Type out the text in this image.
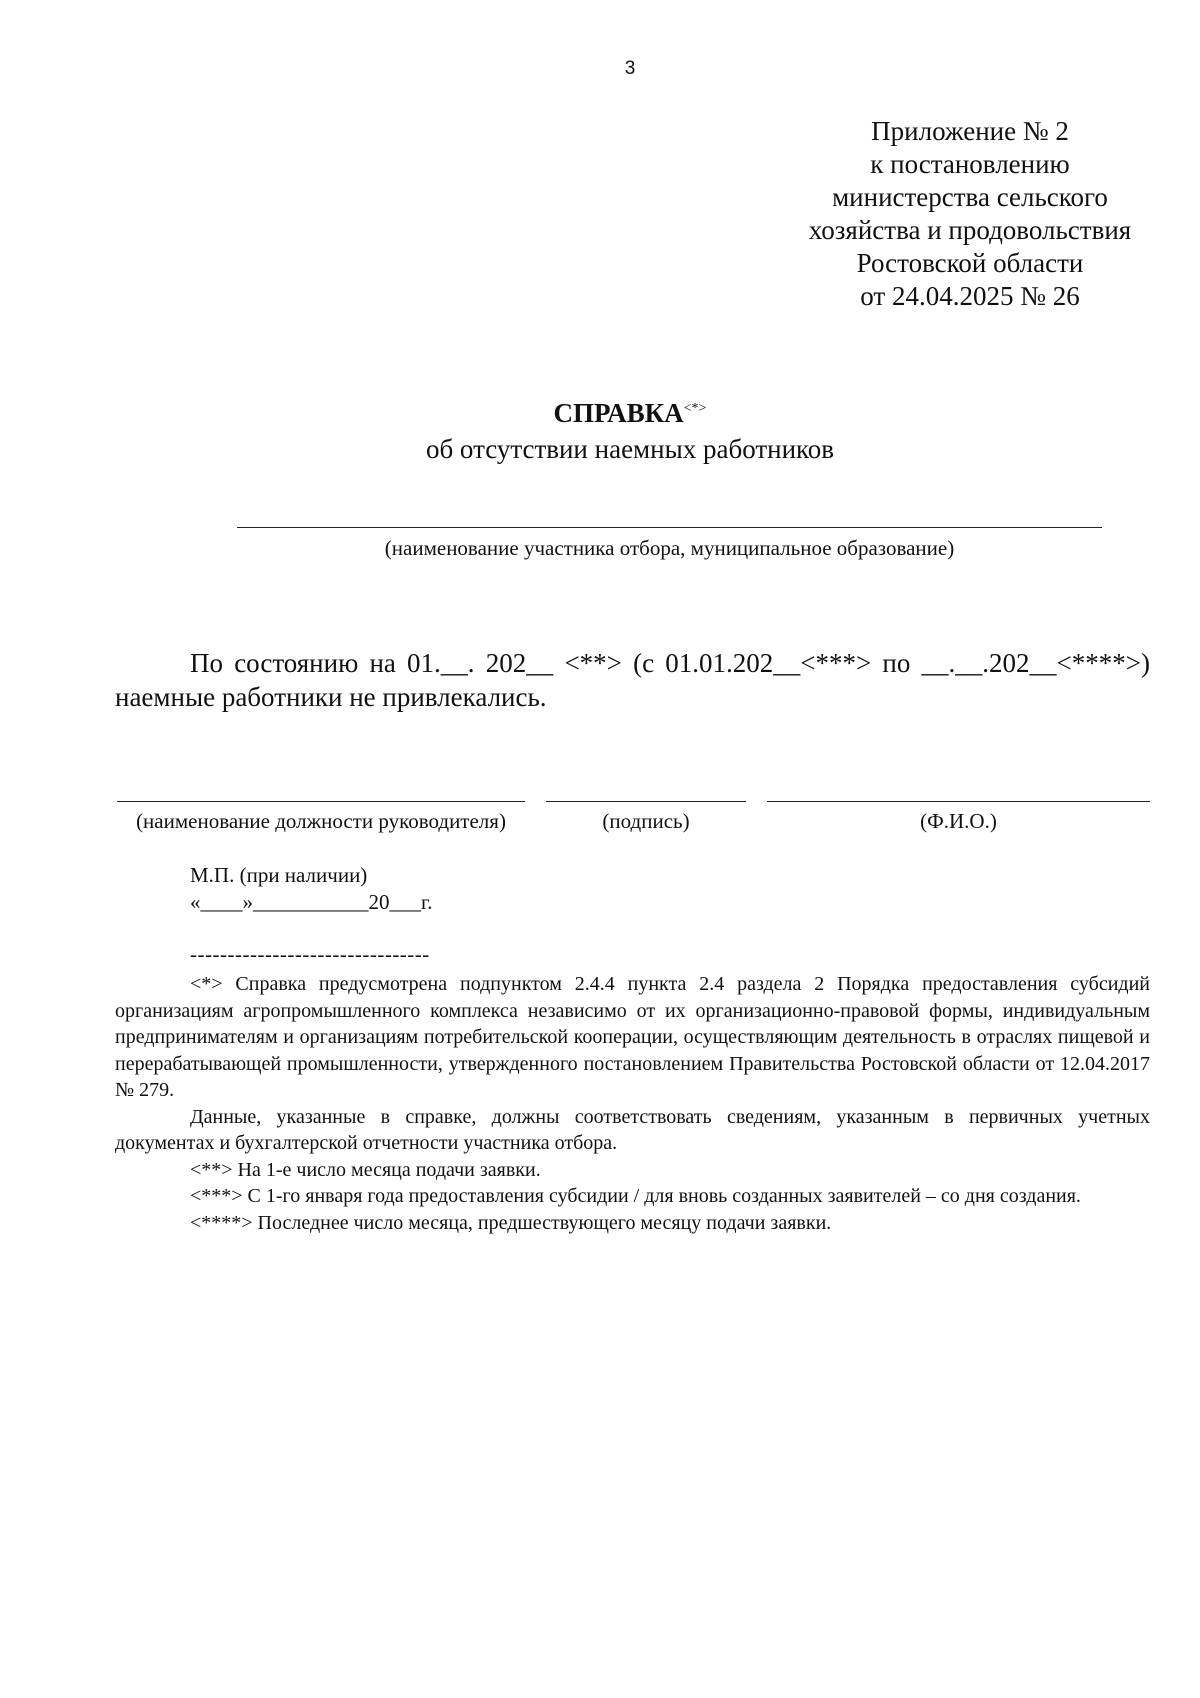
3
Приложение № 2
к постановлению
министерства сельского
хозяйства и продовольствия
Ростовской области
от 24.04.2025 № 26
СПРАВКА<*>
об отсутствии наемных работников
(наименование участника отбора, муниципальное образование)
По состоянию на 01.__. 202__ <**> (с 01.01.202__<***> по __.__.202__<****>)
наемные работники не привлекались.
(наименование должности руководителя)	(подпись)	(Ф.И.О.)
М.П. (при наличии)
«____»___________20___г.
--------------------------------

<*> Справка предусмотрена подпунктом 2.4.4 пункта 2.4 раздела 2 Порядка предоставления субсидий организациям агропромышленного комплекса независимо от их организационно-правовой формы, индивидуальным предпринимателям и организациям потребительской кооперации, осуществляющим деятельность в отраслях пищевой и перерабатывающей промышленности, утвержденного постановлением Правительства Ростовской области от 12.04.2017 № 279.

Данные, указанные в справке, должны соответствовать сведениям, указанным в первичных учетных документах и бухгалтерской отчетности участника отбора.

<**> На 1-е число месяца подачи заявки.

<***> С 1-го января года предоставления субсидии / для вновь созданных заявителей – со дня создания.

<****> Последнее число месяца, предшествующего месяцу подачи заявки.
